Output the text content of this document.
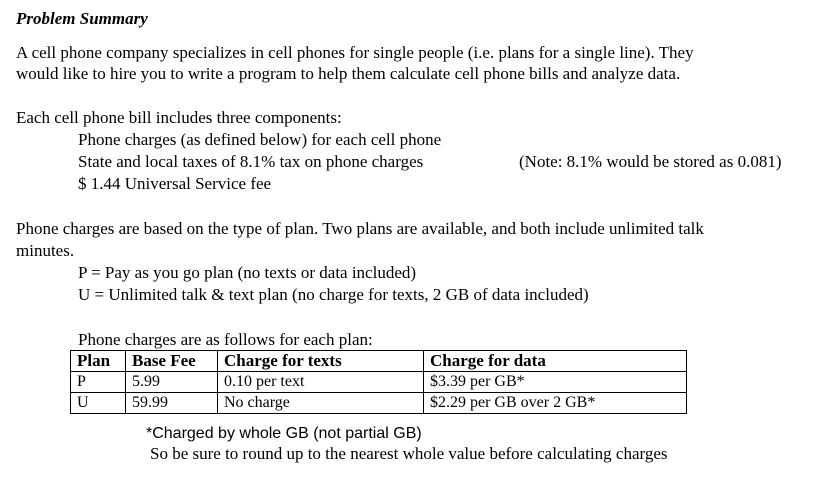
Problem Summary
A cell phone company specializes in cell phones for single people (i.e. plans for a single line). They
would like to hire you to write a program to help them calculate cell phone bills and analyze data.
Each cell phone bill includes three components:
Phone charges (as defined below) for each cell phone
State and local taxes of 8.1% tax on phone charges	(Note: 8.1% would be stored as 0.081)
$ 1.44 Universal Service fee
Phone charges are based on the type of plan. Two plans are available, and both include unlimited talk
minutes.
P = Pay as you go plan (no texts or data included)
U = Unlimited talk & text plan (no charge for texts, 2 GB of data included)
Phone charges are as follows for each plan:
Plan	Base Fee	Charge for texts	Charge for data
P	5.99	0.10 per text	$3.39 per GB*
U	59.99	No charge	$2.29 per GB over 2 GB*
*Charged by whole GB (not partial GB)
So be sure to round up to the nearest whole value before calculating charges
